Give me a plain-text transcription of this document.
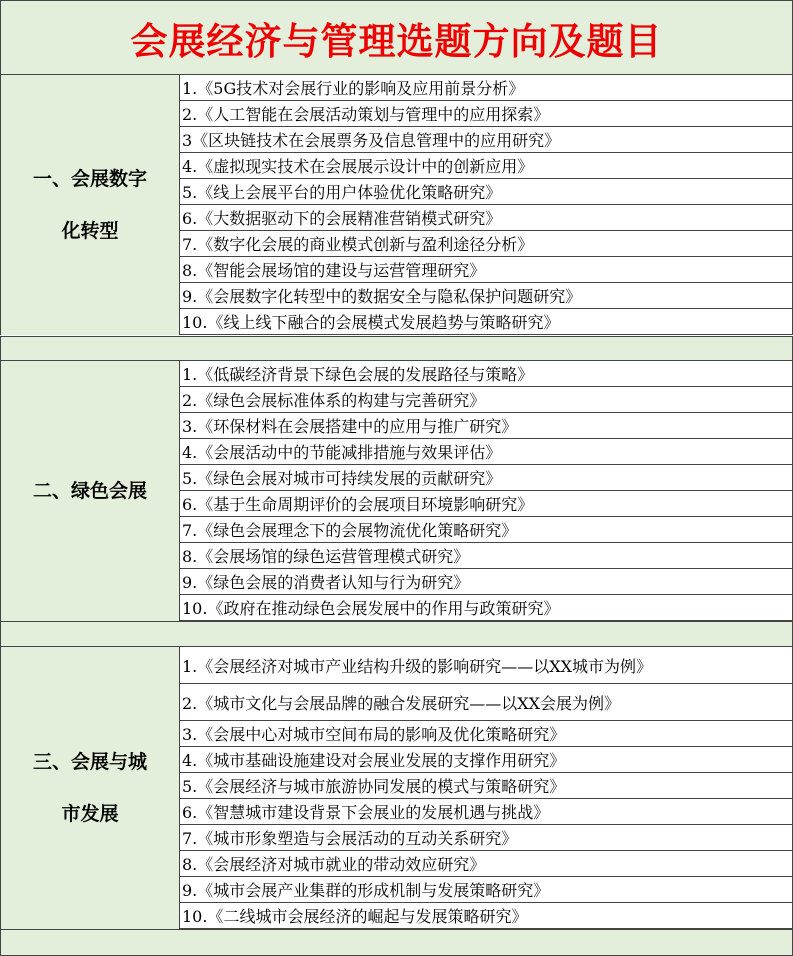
会展经济与管理选题方向及题目
一、会展数字
化转型
1.《5G技术对会展行业的影响及应用前景分析》
2.《人工智能在会展活动策划与管理中的应用探索》
3《区块链技术在会展票务及信息管理中的应用研究》
4.《虚拟现实技术在会展展示设计中的创新应用》
5.《线上会展平台的用户体验优化策略研究》
6.《大数据驱动下的会展精准营销模式研究》
7.《数字化会展的商业模式创新与盈利途径分析》
8.《智能会展场馆的建设与运营管理研究》
9.《会展数字化转型中的数据安全与隐私保护问题研究》
10.《线上线下融合的会展模式发展趋势与策略研究》
二、绿色会展
1.《低碳经济背景下绿色会展的发展路径与策略》
2.《绿色会展标准体系的构建与完善研究》
3.《环保材料在会展搭建中的应用与推广研究》
4.《会展活动中的节能减排措施与效果评估》
5.《绿色会展对城市可持续发展的贡献研究》
6.《基于生命周期评价的会展项目环境影响研究》
7.《绿色会展理念下的会展物流优化策略研究》
8.《会展场馆的绿色运营管理模式研究》
9.《绿色会展的消费者认知与行为研究》
10.《政府在推动绿色会展发展中的作用与政策研究》
三、会展与城
市发展
1.《会展经济对城市产业结构升级的影响研究——以XX城市为例》
2.《城市文化与会展品牌的融合发展研究——以XX会展为例》
3.《会展中心对城市空间布局的影响及优化策略研究》
4.《城市基础设施建设对会展业发展的支撑作用研究》
5.《会展经济与城市旅游协同发展的模式与策略研究》
6.《智慧城市建设背景下会展业的发展机遇与挑战》
7.《城市形象塑造与会展活动的互动关系研究》
8.《会展经济对城市就业的带动效应研究》
9.《城市会展产业集群的形成机制与发展策略研究》
10.《二线城市会展经济的崛起与发展策略研究》
